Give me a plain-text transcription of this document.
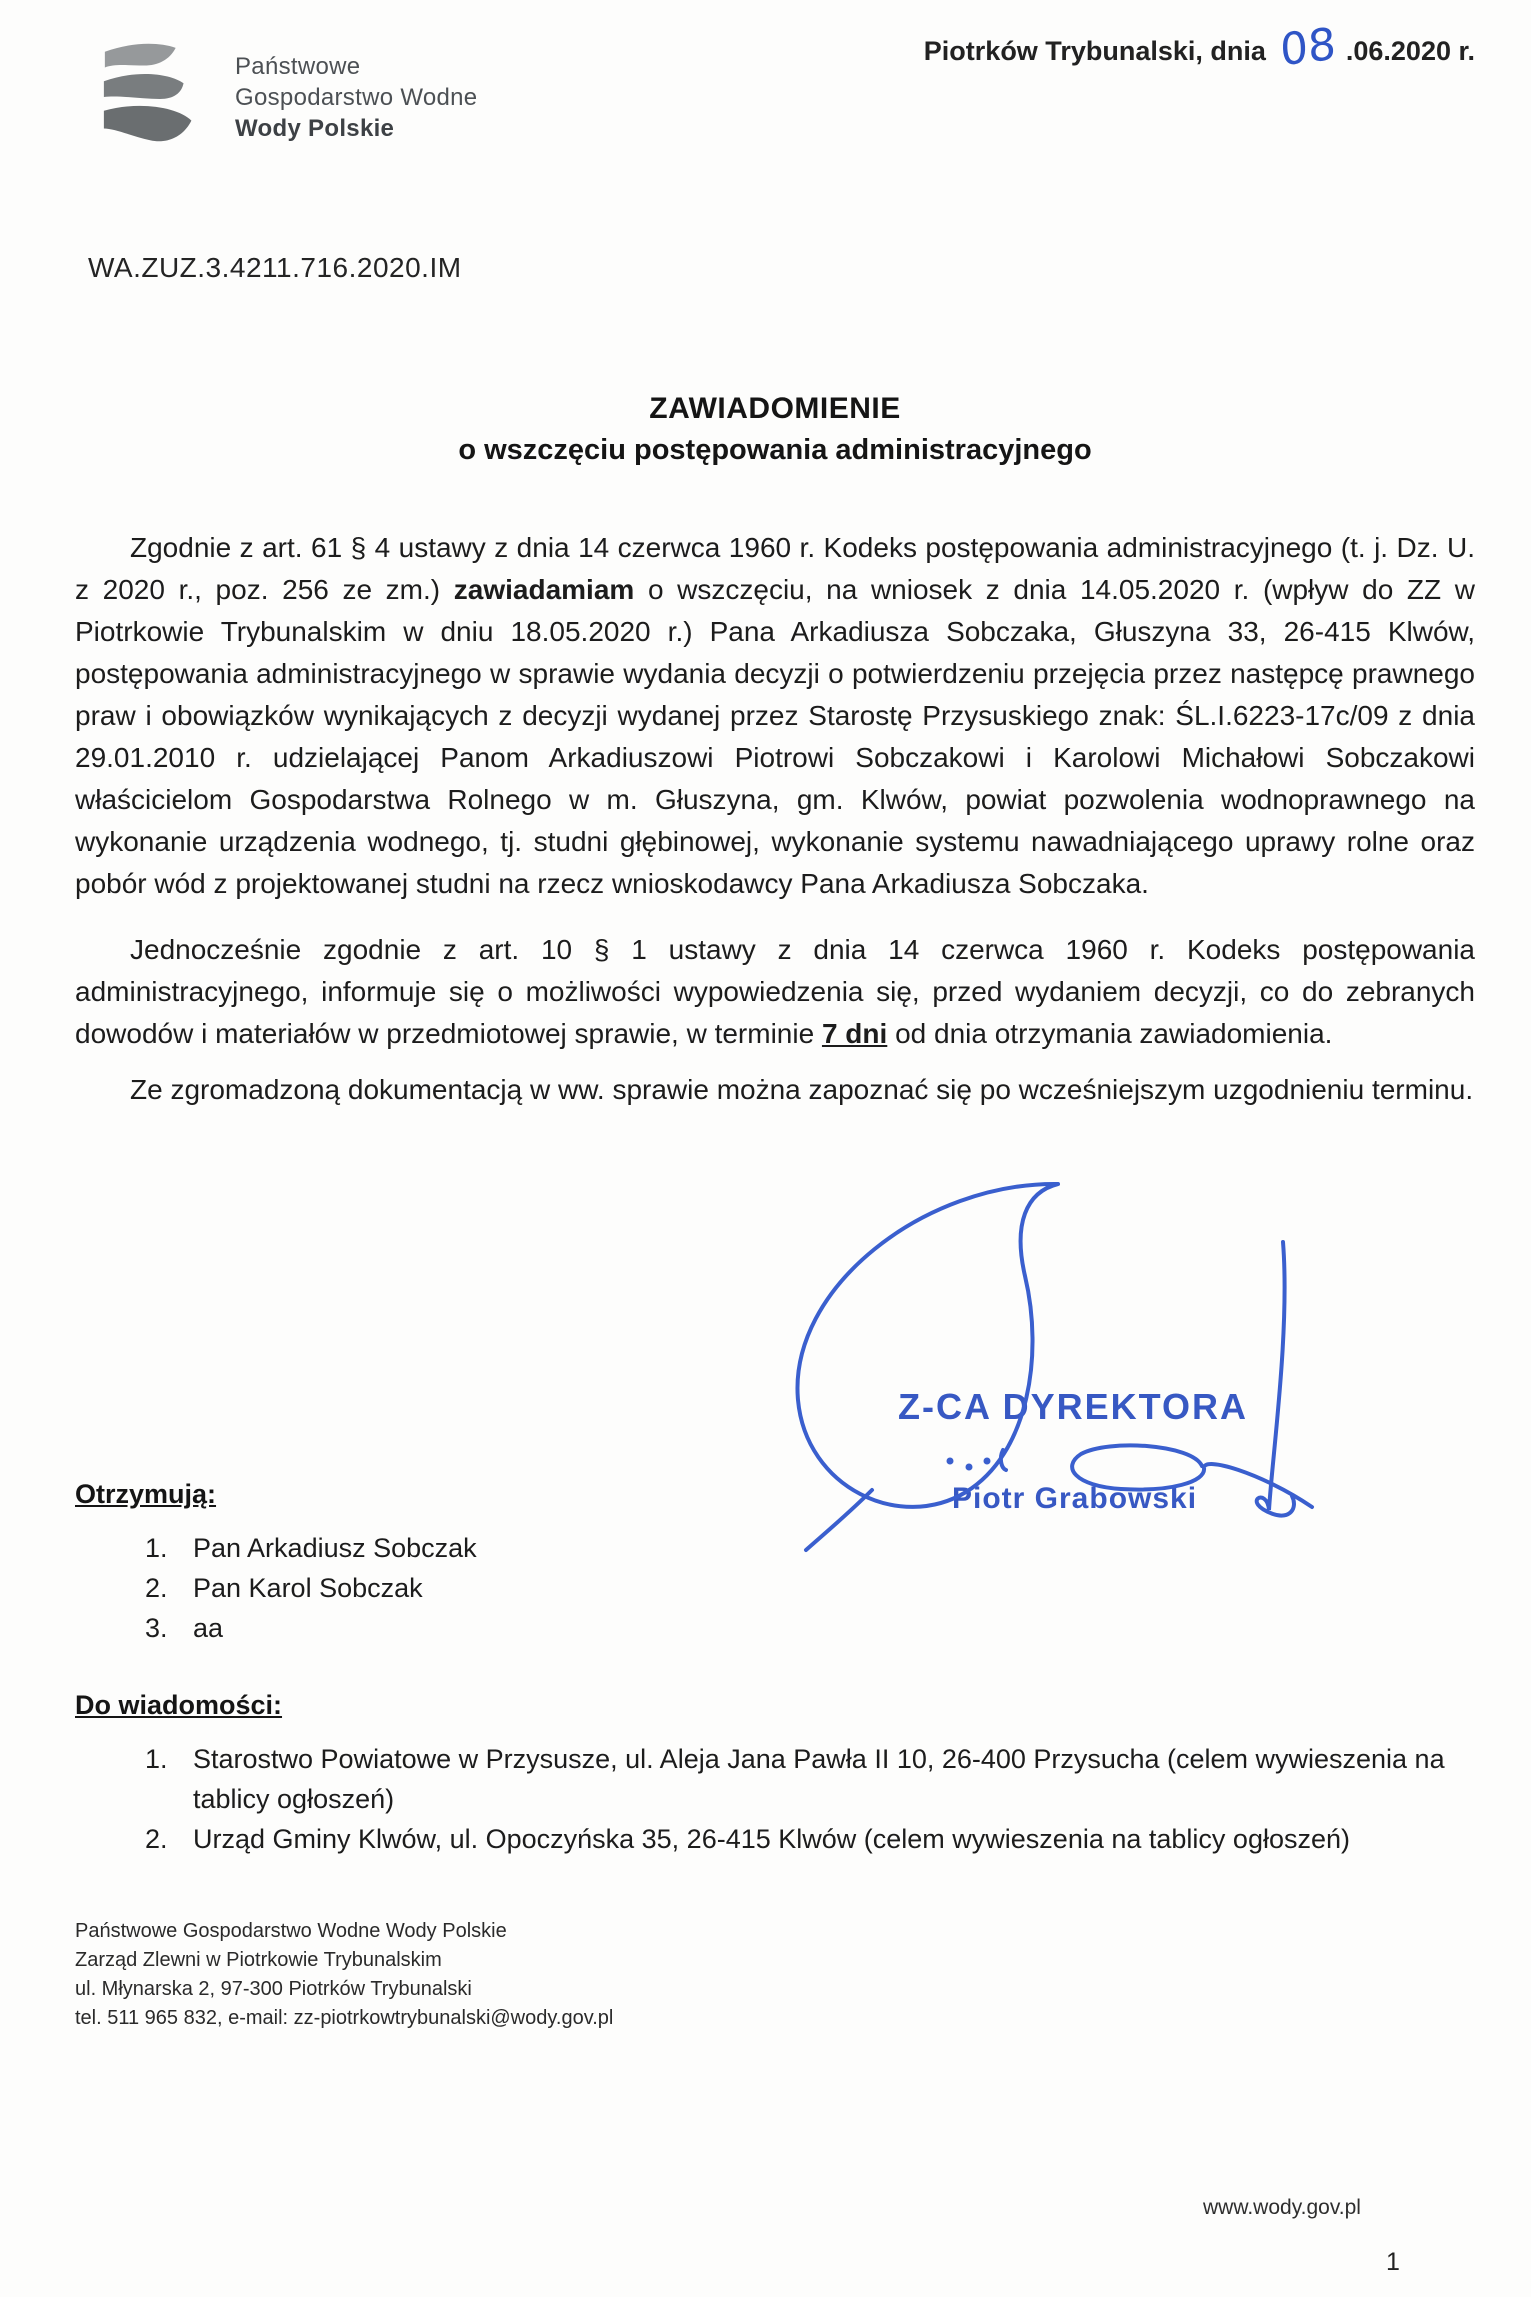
Państwowe
Gospodarstwo Wodne
Wody Polskie
Piotrków Trybunalski, dnia 08 .06.2020 r.
WA.ZUZ.3.4211.716.2020.IM
ZAWIADOMIENIE
o wszczęciu postępowania administracyjnego

Zgodnie z art. 61 § 4 ustawy z dnia 14 czerwca 1960 r. Kodeks postępowania administracyjnego (t. j. Dz. U. z 2020 r., poz. 256 ze zm.) zawiadamiam o wszczęciu, na wniosek z dnia 14.05.2020 r. (wpływ do ZZ w Piotrkowie Trybunalskim w dniu 18.05.2020 r.) Pana Arkadiusza Sobczaka, Głuszyna 33, 26-415 Klwów, postępowania administracyjnego w sprawie wydania decyzji o potwierdzeniu przejęcia przez następcę prawnego praw i obowiązków wynikających z decyzji wydanej przez Starostę Przysuskiego znak: ŚL.I.6223-17c/09 z dnia 29.01.2010 r. udzielającej Panom Arkadiuszowi Piotrowi Sobczakowi i Karolowi Michałowi Sobczakowi właścicielom Gospodarstwa Rolnego w m. Głuszyna, gm. Klwów, powiat pozwolenia wodnoprawnego na wykonanie urządzenia wodnego, tj. studni głębinowej, wykonanie systemu nawadniającego uprawy rolne oraz pobór wód z projektowanej studni na rzecz wnioskodawcy Pana Arkadiusza Sobczaka.

Jednocześnie zgodnie z art. 10 § 1 ustawy z dnia 14 czerwca 1960 r. Kodeks postępowania administracyjnego, informuje się o możliwości wypowiedzenia się, przed wydaniem decyzji, co do zebranych dowodów i materiałów w przedmiotowej sprawie, w terminie 7 dni od dnia otrzymania zawiadomienia.

Ze zgromadzoną dokumentacją w ww. sprawie można zapoznać się po wcześniejszym uzgodnieniu terminu.

Z-CA DYREKTORA
Piotr Grabowski
Otrzymują:
1. Pan Arkadiusz Sobczak
2. Pan Karol Sobczak
3. aa
Do wiadomości:
1. Starostwo Powiatowe w Przysusze, ul. Aleja Jana Pawła II 10, 26-400 Przysucha (celem wywieszenia na tablicy ogłoszeń)
2. Urząd Gminy Klwów, ul. Opoczyńska 35, 26-415 Klwów (celem wywieszenia na tablicy ogłoszeń)
Państwowe Gospodarstwo Wodne Wody Polskie
Zarząd Zlewni w Piotrkowie Trybunalskim
ul. Młynarska 2, 97-300 Piotrków Trybunalski
tel. 511 965 832, e-mail: zz-piotrkowtrybunalski@wody.gov.pl
www.wody.gov.pl
1
